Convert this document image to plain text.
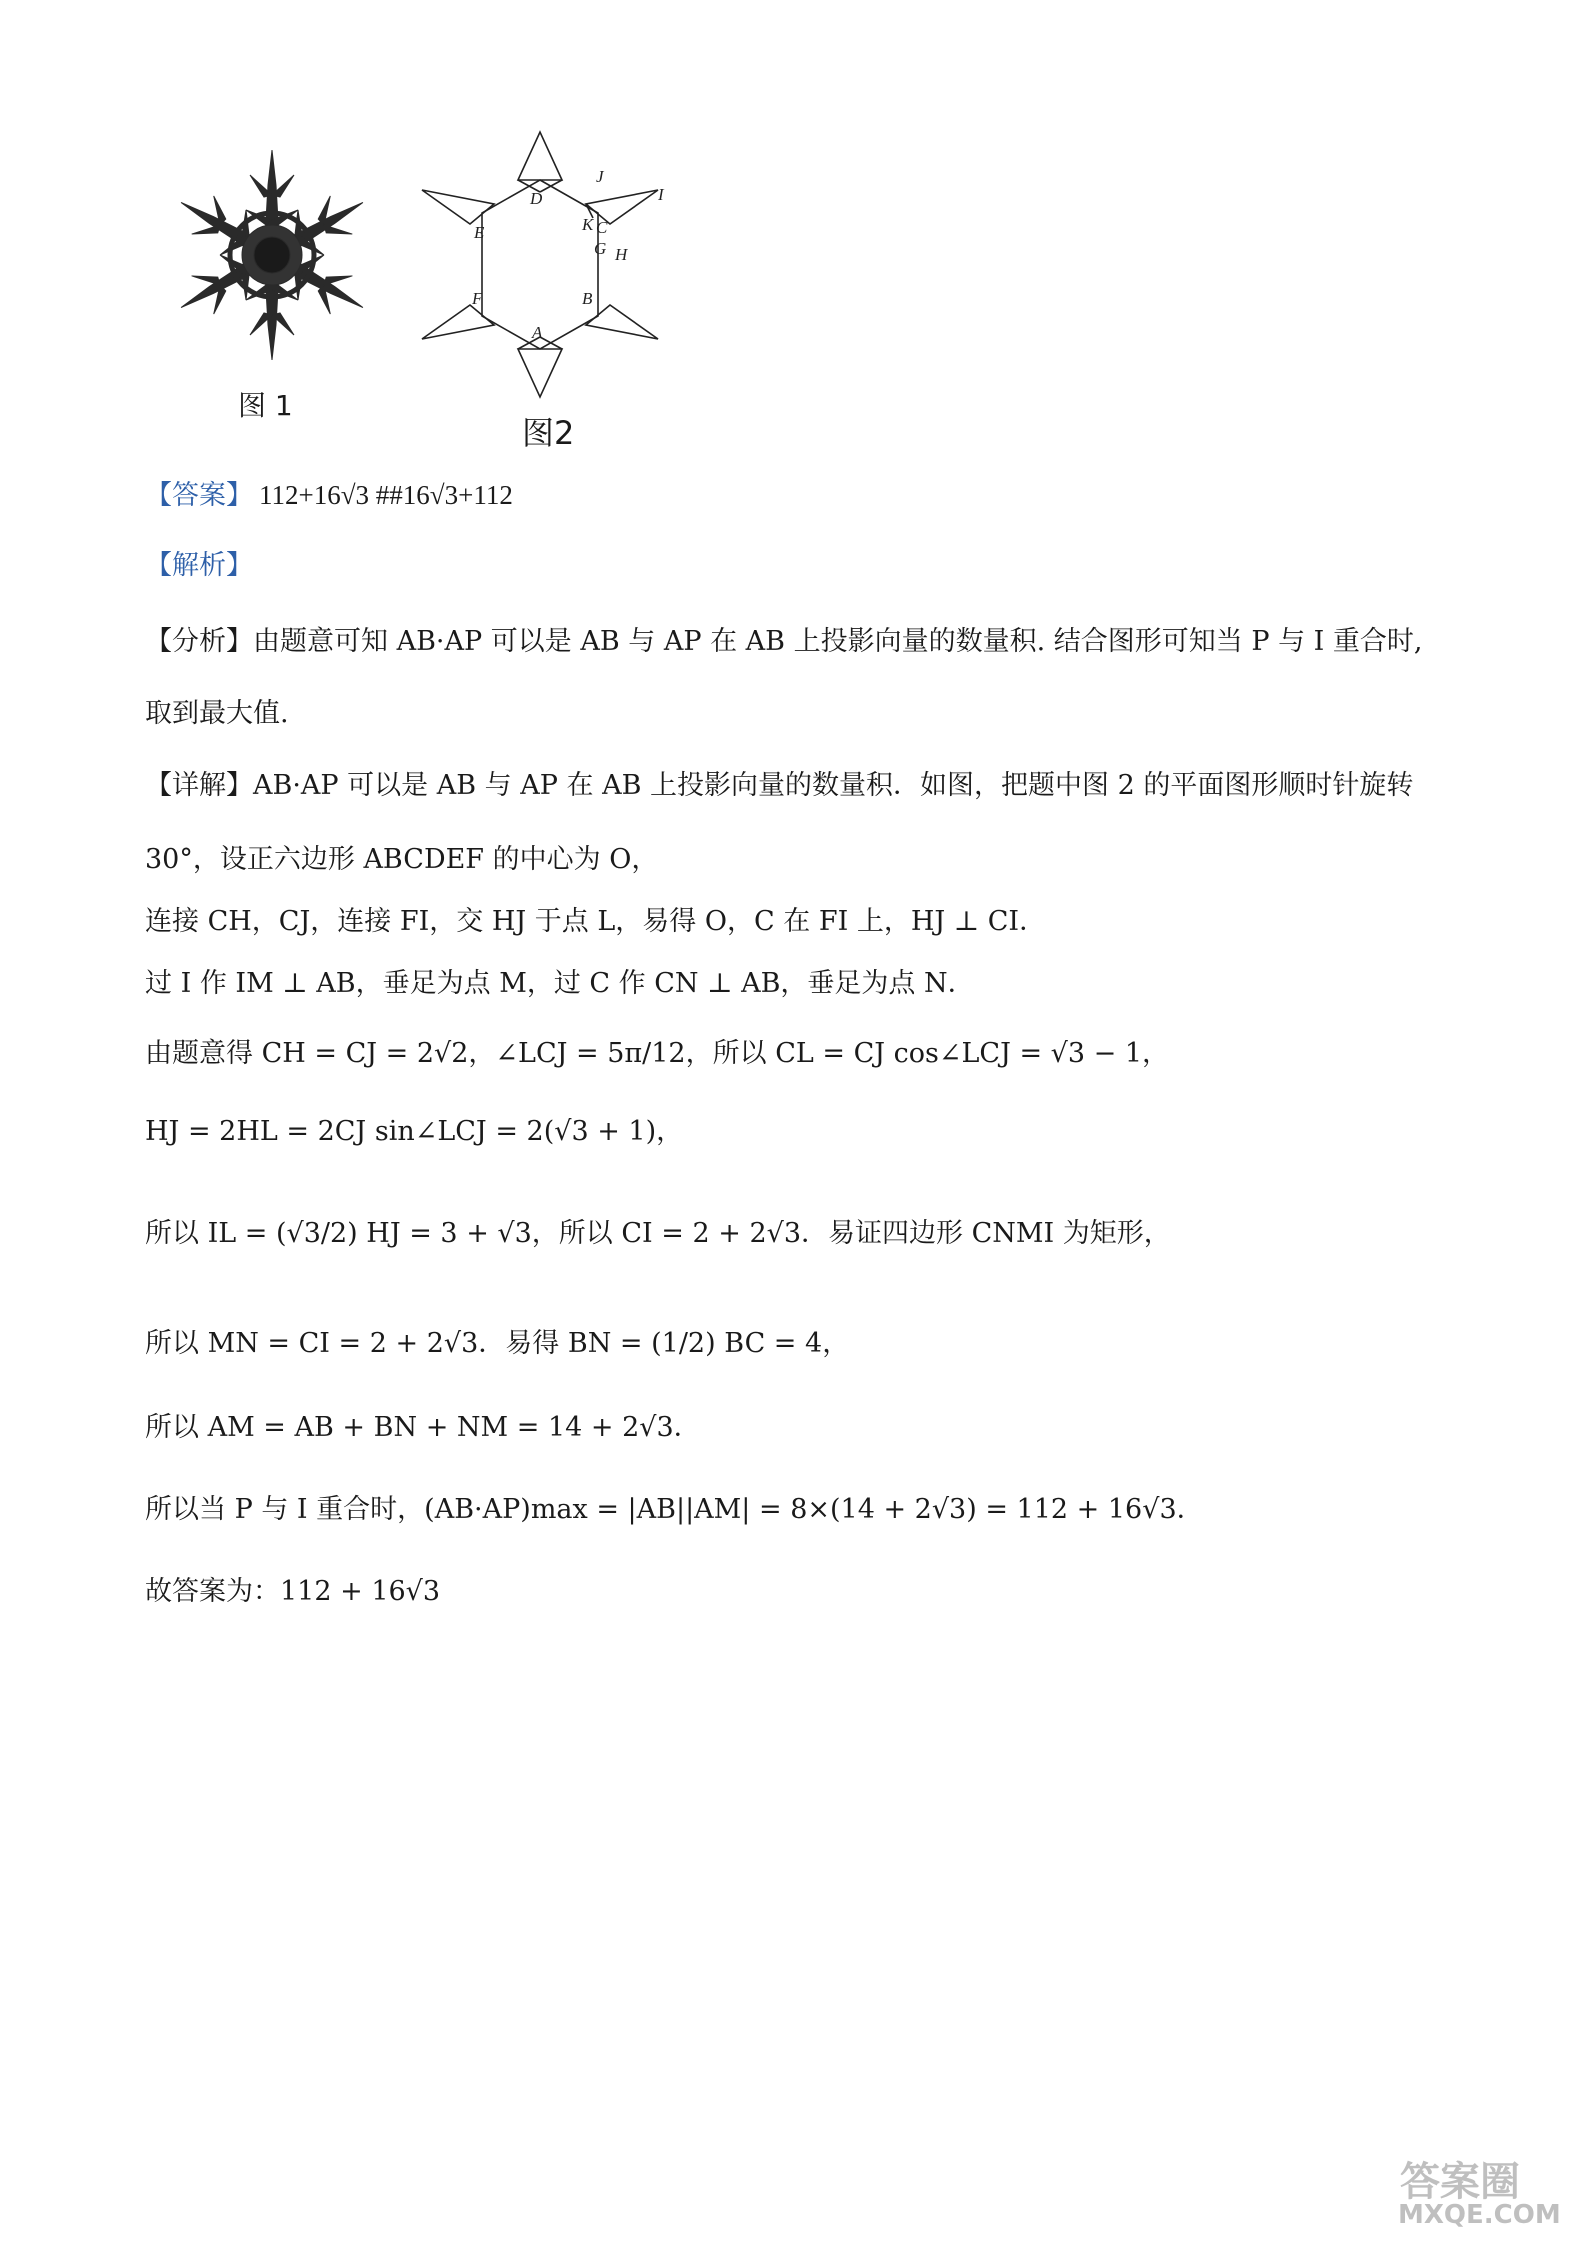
图 1
D
K C
G H
J
I
B
A
F
E
图2
【答案】 112+16√3 ##16√3+112
【解析】
【分析】由题意可知 AB·AP 可以是 AB 与 AP 在 AB 上投影向量的数量积. 结合图形可知当 P 与 I 重合时,
取到最大值.
【详解】AB·AP 可以是 AB 与 AP 在 AB 上投影向量的数量积．如图，把题中图 2 的平面图形顺时针旋转
30°，设正六边形 ABCDEF 的中心为 O，
连接 CH，CJ，连接 FI，交 HJ 于点 L，易得 O，C 在 FI 上，HJ ⊥ CI．
过 I 作 IM ⊥ AB，垂足为点 M，过 C 作 CN ⊥ AB，垂足为点 N．
由题意得 CH = CJ = 2√2，∠LCJ = 5π/12，所以 CL = CJ cos∠LCJ = √3 − 1，
HJ = 2HL = 2CJ sin∠LCJ = 2(√3 + 1)，
所以 IL = (√3/2) HJ = 3 + √3，所以 CI = 2 + 2√3．易证四边形 CNMI 为矩形，
所以 MN = CI = 2 + 2√3．易得 BN = (1/2) BC = 4，
所以 AM = AB + BN + NM = 14 + 2√3．
所以当 P 与 I 重合时，(AB·AP)max = |AB||AM| = 8×(14 + 2√3) = 112 + 16√3．
故答案为：112 + 16√3
答案圈
MXQE.COM
